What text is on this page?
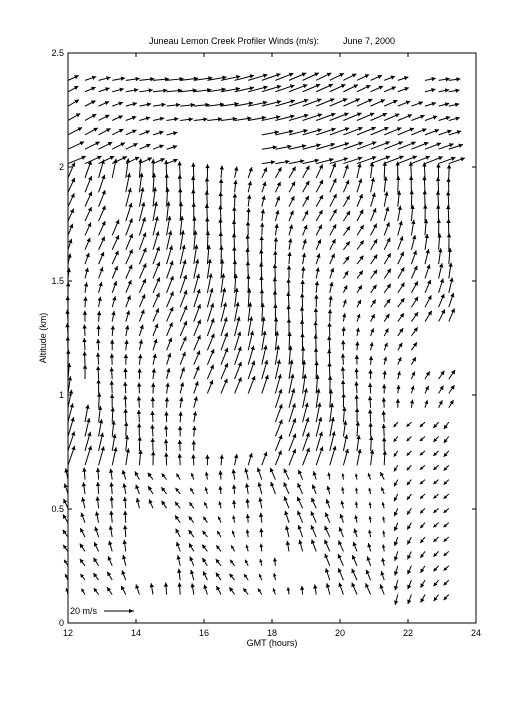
Juneau Lemon Creek Profiler Winds (m/s):	June 7, 2000
12	14	16	18	20	22	24
0
0.5
1
1.5
2
2.5
GMT (hours)
Altitude (km)
20 m/s
